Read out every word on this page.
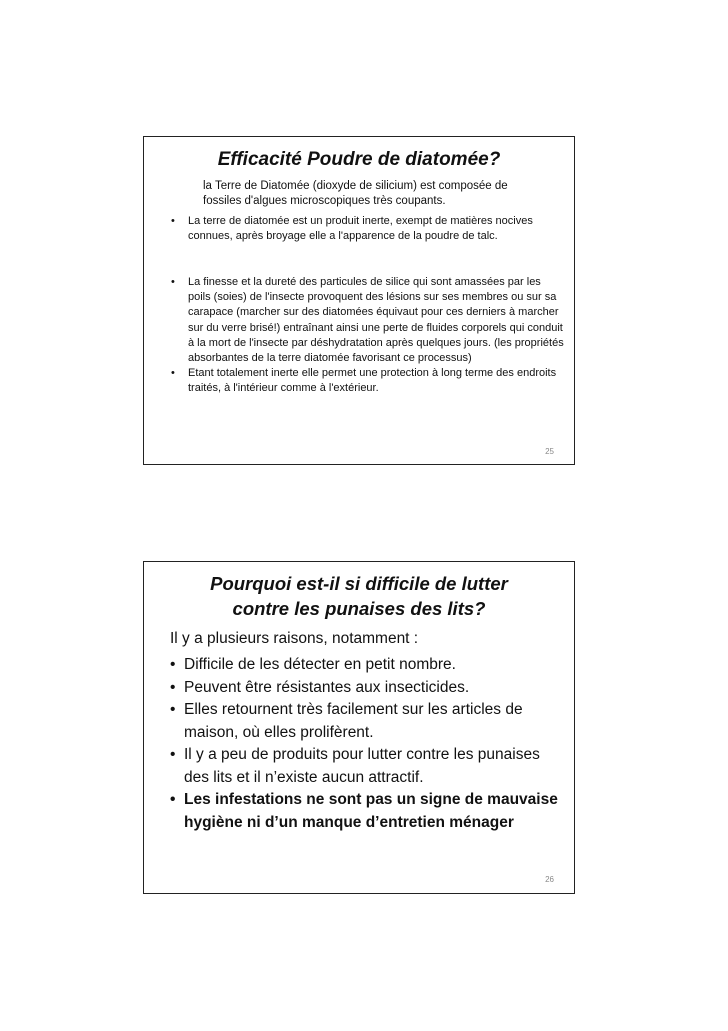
Efficacité Poudre de diatomée?
la Terre de Diatomée (dioxyde de silicium) est composée de fossiles d'algues microscopiques très coupants.
• La terre de diatomée est un produit inerte, exempt de matières nocives connues, après broyage elle a l'apparence de la poudre de talc.
• La finesse et la dureté des particules de silice qui sont amassées par les poils (soies) de l'insecte provoquent des lésions sur ses membres ou sur sa carapace (marcher sur des diatomées équivaut pour ces derniers à marcher sur du verre brisé!) entraînant ainsi une perte de fluides corporels qui conduit à la mort de l'insecte par déshydratation après quelques jours. (les propriétés absorbantes de la terre diatomée favorisant ce processus)
• Etant totalement inerte elle permet une protection à long terme des endroits traités, à l'intérieur comme à l'extérieur.
25
Pourquoi est-il si difficile de lutter
contre les punaises des lits?
Il y a plusieurs raisons, notamment :
• Difficile de les détecter en petit nombre.
• Peuvent être résistantes aux insecticides.
• Elles retournent très facilement sur les articles de maison, où elles prolifèrent.
• Il y a peu de produits pour lutter contre les punaises des lits et il n’existe aucun attractif.
• Les infestations ne sont pas un signe de mauvaise hygiène ni d’un manque d’entretien ménager
26
